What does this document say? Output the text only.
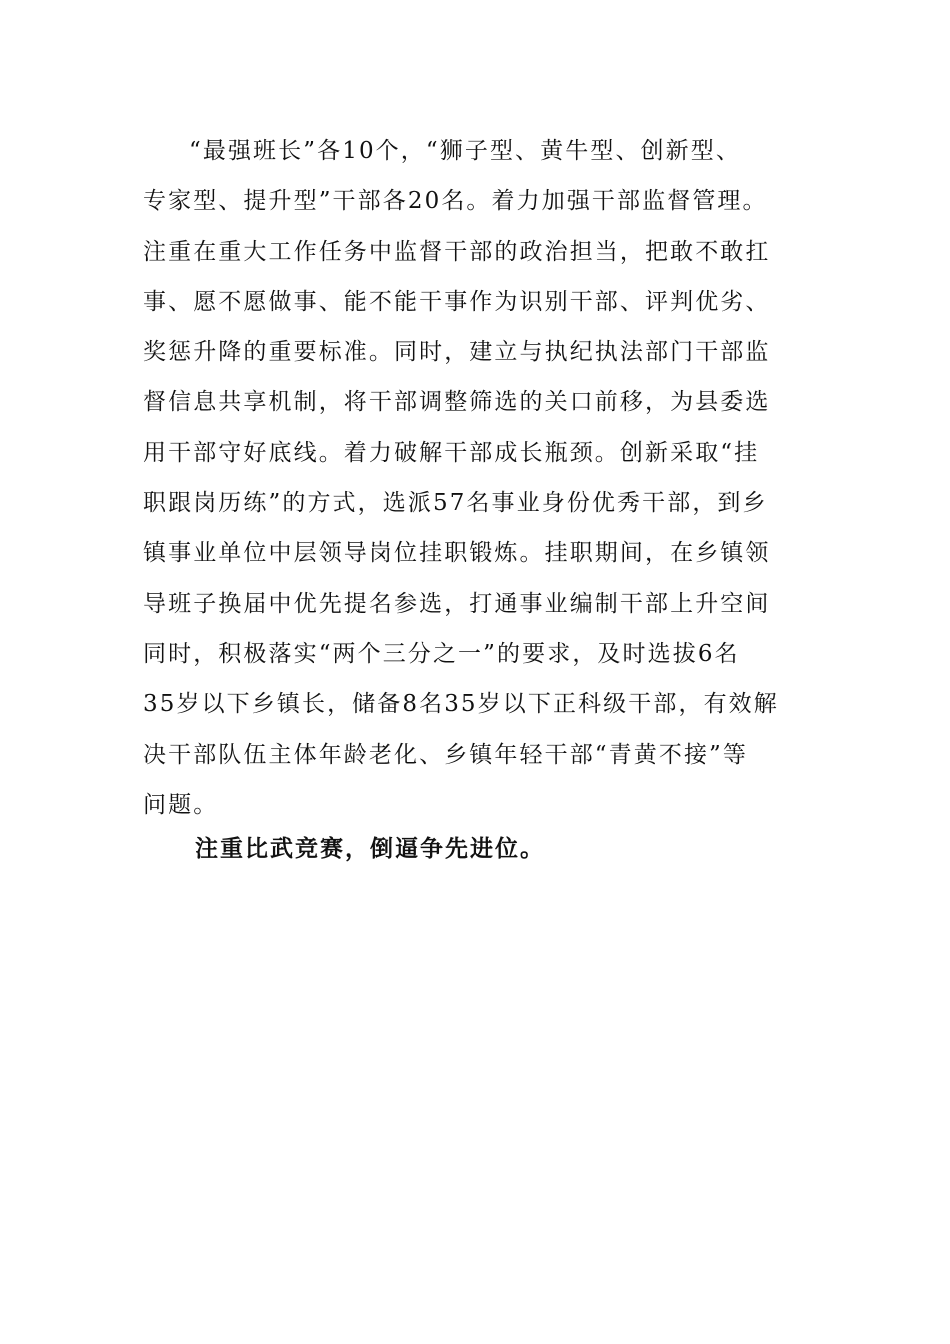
“最强班长”各10个，“狮子型、黄牛型、创新型、
专家型、提升型”干部各20名。着力加强干部监督管理。
注重在重大工作任务中监督干部的政治担当，把敢不敢扛
事、愿不愿做事、能不能干事作为识别干部、评判优劣、
奖惩升降的重要标准。同时，建立与执纪执法部门干部监
督信息共享机制，将干部调整筛选的关口前移，为县委选
用干部守好底线。着力破解干部成长瓶颈。创新采取“挂
职跟岗历练”的方式，选派57名事业身份优秀干部，到乡
镇事业单位中层领导岗位挂职锻炼。挂职期间，在乡镇领
导班子换届中优先提名参选，打通事业编制干部上升空间
同时，积极落实“两个三分之一”的要求，及时选拔6名
35岁以下乡镇长，储备8名35岁以下正科级干部，有效解
决干部队伍主体年龄老化、乡镇年轻干部“青黄不接”等
问题。
注重比武竞赛，倒逼争先进位。
